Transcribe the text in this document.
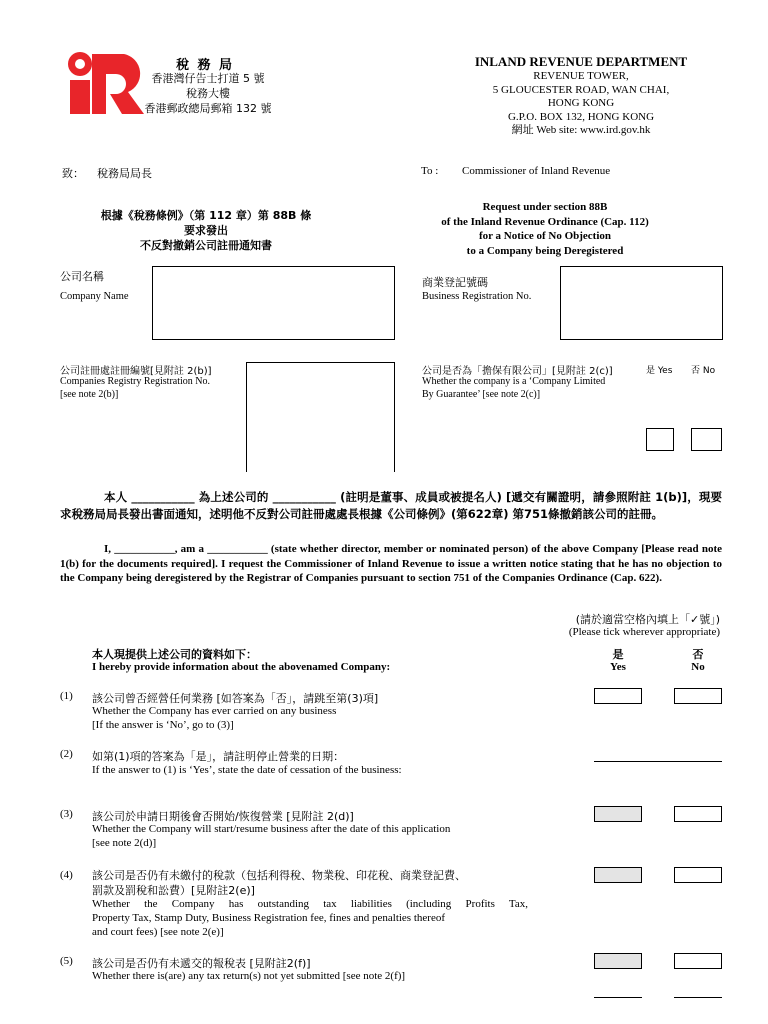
稅 務 局
香港灣仔告士打道 5 號
稅務大樓
香港郵政總局郵箱 132 號
INLAND REVENUE DEPARTMENT
REVENUE TOWER,
5 GLOUCESTER ROAD, WAN CHAI,
HONG KONG
G.P.O. BOX 132, HONG KONG
網址 Web site: www.ird.gov.hk
致： 稅務局局長	To : Commissioner of Inland Revenue
根據《稅務條例》（第 112 章）第 88B 條
要求發出
不反對撤銷公司註冊通知書
Request under section 88B
of the Inland Revenue Ordinance (Cap. 112)
for a Notice of No Objection
to a Company being Deregistered
公司名稱
Company Name
商業登記號碼
Business Registration No.
公司註冊處註冊編號[見附註 2(b)]
Companies Registry Registration No.
[see note 2(b)]
公司是否為「擔保有限公司」[見附註 2(c)]	是 Yes 否 No
Whether the company is a ‘Company Limited
By Guarantee’ [see note 2(c)]
本人 ___________ 為上述公司的 ___________ (註明是董事、成員或被提名人) [遞交有關證明，請參照附註 1(b)]，現要求稅務局局長發出書面通知，述明他不反對公司註冊處處長根據《公司條例》(第622章) 第751條撤銷該公司的註冊。
I, ___________, am a ___________ (state whether director, member or nominated person) of the above Company [Please read note 1(b) for the documents required]. I request the Commissioner of Inland Revenue to issue a written notice stating that he has no objection to the Company being deregistered by the Registrar of Companies pursuant to section 751 of the Companies Ordinance (Cap. 622).
(請於適當空格內填上「✓號」)
(Please tick wherever appropriate)
本人現提供上述公司的資料如下：
I hereby provide information about the abovenamed Company:
是
Yes
否
No
(1) 該公司曾否經營任何業務 [如答案為「否」，請跳至第(3)項]
Whether the Company has ever carried on any business
[If the answer is ‘No’, go to (3)]
(2) 如第(1)項的答案為「是」，請註明停止營業的日期：
If the answer to (1) is ‘Yes’, state the date of cessation of the business:
(3) 該公司於申請日期後會否開始/恢復營業 [見附註 2(d)]
Whether the Company will start/resume business after the date of this application
[see note 2(d)]
(4) 該公司是否仍有未繳付的稅款（包括利得稅、物業稅、印花稅、商業登記費、
罰款及罰稅和訟費）[見附註2(e)]
Whether the Company has outstanding tax liabilities (including Profits Tax,
Property Tax, Stamp Duty, Business Registration fee, fines and penalties thereof
and court fees) [see note 2(e)]
(5) 該公司是否仍有未遞交的報稅表 [見附註2(f)]
Whether there is(are) any tax return(s) not yet submitted [see note 2(f)]
